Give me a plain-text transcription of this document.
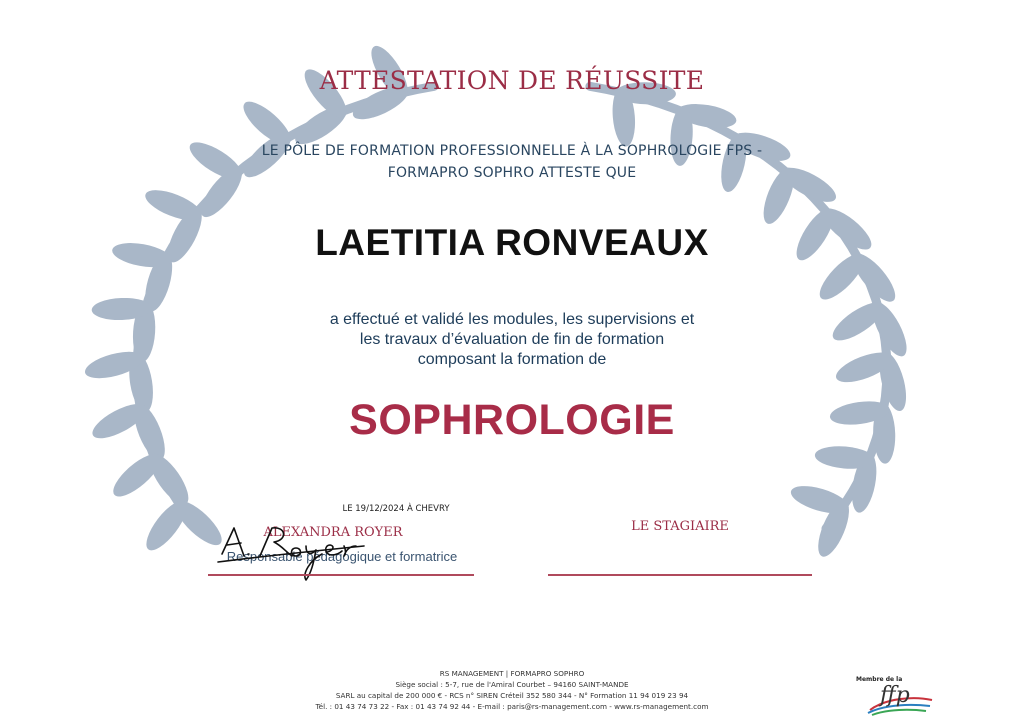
ATTESTATION DE RÉUSSITE
LE PÔLE DE FORMATION PROFESSIONNELLE À LA SOPHROLOGIE FPS -
FORMAPRO SOPHRO ATTESTE QUE
LAETITIA RONVEAUX
a effectué et validé les modules, les supervisions et
les travaux d’évaluation de fin de formation
composant la formation de
SOPHROLOGIE
LE 19/12/2024 À CHEVRY
ALEXANDRA ROYER
Responsable pédagogique et formatrice
LE STAGIAIRE
RS MANAGEMENT | FORMAPRO SOPHRO
Siège social : 5-7, rue de l'Amiral Courbet – 94160 SAINT-MANDE
SARL au capital de 200 000 € - RCS n° SIREN Créteil 352 580 344 - N° Formation 11 94 019 23 94
Tél. : 01 43 74 73 22 - Fax : 01 43 74 92 44 - E-mail : paris@rs-management.com - www.rs-management.com
Membre de la
ffp
